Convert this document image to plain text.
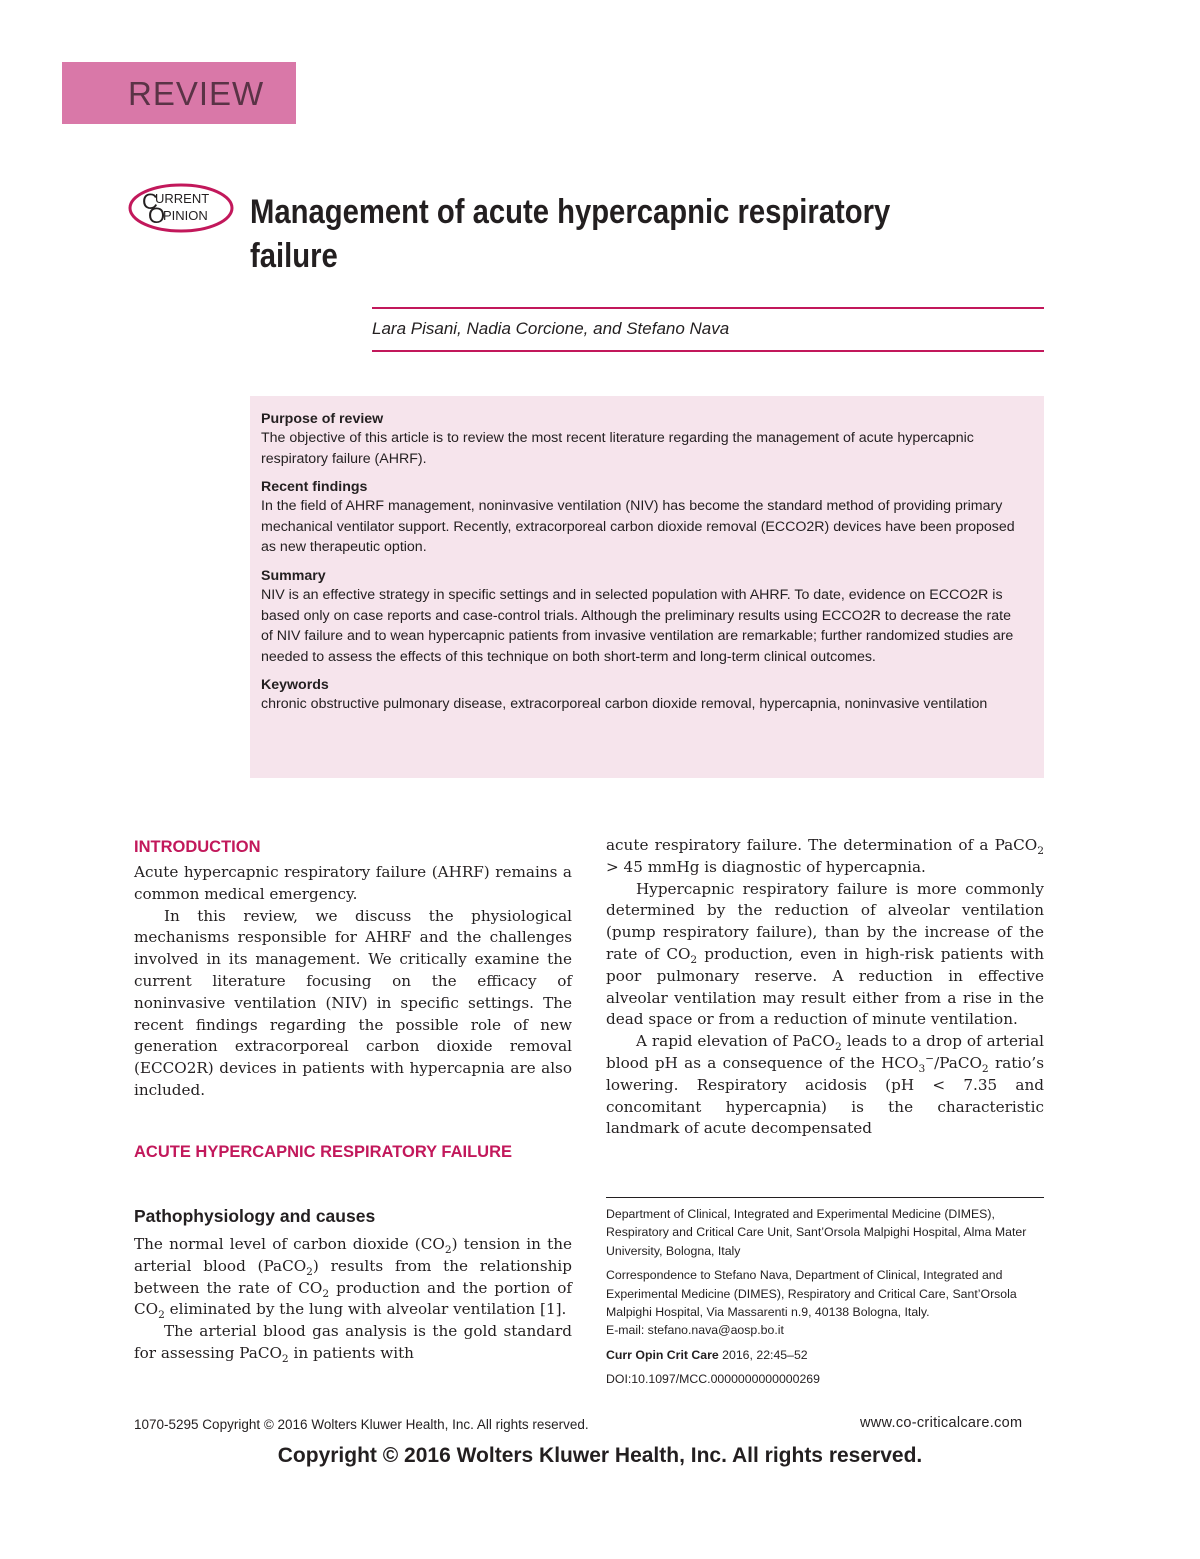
REVIEW
C
URRENT
O
PINION Management of acute hypercapnic respiratory failure
Lara Pisani, Nadia Corcione, and Stefano Nava
Purpose of review

The objective of this article is to review the most recent literature regarding the management of acute hypercapnic respiratory failure (AHRF).

Recent findings

In the field of AHRF management, noninvasive ventilation (NIV) has become the standard method of providing primary mechanical ventilator support. Recently, extracorporeal carbon dioxide removal (ECCO2R) devices have been proposed as new therapeutic option.

Summary

NIV is an effective strategy in specific settings and in selected population with AHRF. To date, evidence on ECCO2R is based only on case reports and case-control trials. Although the preliminary results using ECCO2R to decrease the rate of NIV failure and to wean hypercapnic patients from invasive ventilation are remarkable; further randomized studies are needed to assess the effects of this technique on both short-term and long-term clinical outcomes.

Keywords

chronic obstructive pulmonary disease, extracorporeal carbon dioxide removal, hypercapnia, noninvasive ventilation

INTRODUCTION

Acute hypercapnic respiratory failure (AHRF) remains a common medical emergency.

In this review, we discuss the physiological mechanisms responsible for AHRF and the challenges involved in its management. We critically examine the current literature focusing on the efficacy of noninvasive ventilation (NIV) in specific settings. The recent findings regarding the possible role of new generation extracorporeal carbon dioxide removal (ECCO2R) devices in patients with hypercapnia are also included.

ACUTE HYPERCAPNIC RESPIRATORY FAILURE
Pathophysiology and causes

The normal level of carbon dioxide $(CO_2)$ tension in the arterial blood (PaCO$_2$) results from the relationship between the rate of $CO_2$ production and the portion of $CO_2$ eliminated by the lung with alveolar ventilation [1].

The arterial blood gas analysis is the gold standard for assessing PaCO$_2$ in patients with

acute respiratory failure. The determination of a PaCO$_2$ > 45 mmHg is diagnostic of hypercapnia.

Hypercapnic respiratory failure is more commonly determined by the reduction of alveolar ventilation (pump respiratory failure), than by the increase of the rate of $CO_2$ production, even in high-risk patients with poor pulmonary reserve. A reduction in effective alveolar ventilation may result either from a rise in the dead space or from a reduction of minute ventilation.

A rapid elevation of PaCO$_2$ leads to a drop of arterial blood pH as a consequence of the $HCO_3^-/PaCO_2$ ratio’s lowering. Respiratory acidosis (pH < 7.35 and concomitant hypercapnia) is the characteristic landmark of acute decompensated

Department of Clinical, Integrated and Experimental Medicine (DIMES), Respiratory and Critical Care Unit, Sant’Orsola Malpighi Hospital, Alma Mater University, Bologna, Italy

Correspondence to Stefano Nava, Department of Clinical, Integrated and Experimental Medicine (DIMES), Respiratory and Critical Care, Sant’Orsola Malpighi Hospital, Via Massarenti n.9, 40138 Bologna, Italy.

E-mail: stefano.nava@aosp.bo.it

Curr Opin Crit Care 2016, 22:45–52

DOI:10.1097/MCC.0000000000000269

1070-5295 Copyright © 2016 Wolters Kluwer Health, Inc. All rights reserved.	www.co-criticalcare.com
Copyright © 2016 Wolters Kluwer Health, Inc. All rights reserved.
